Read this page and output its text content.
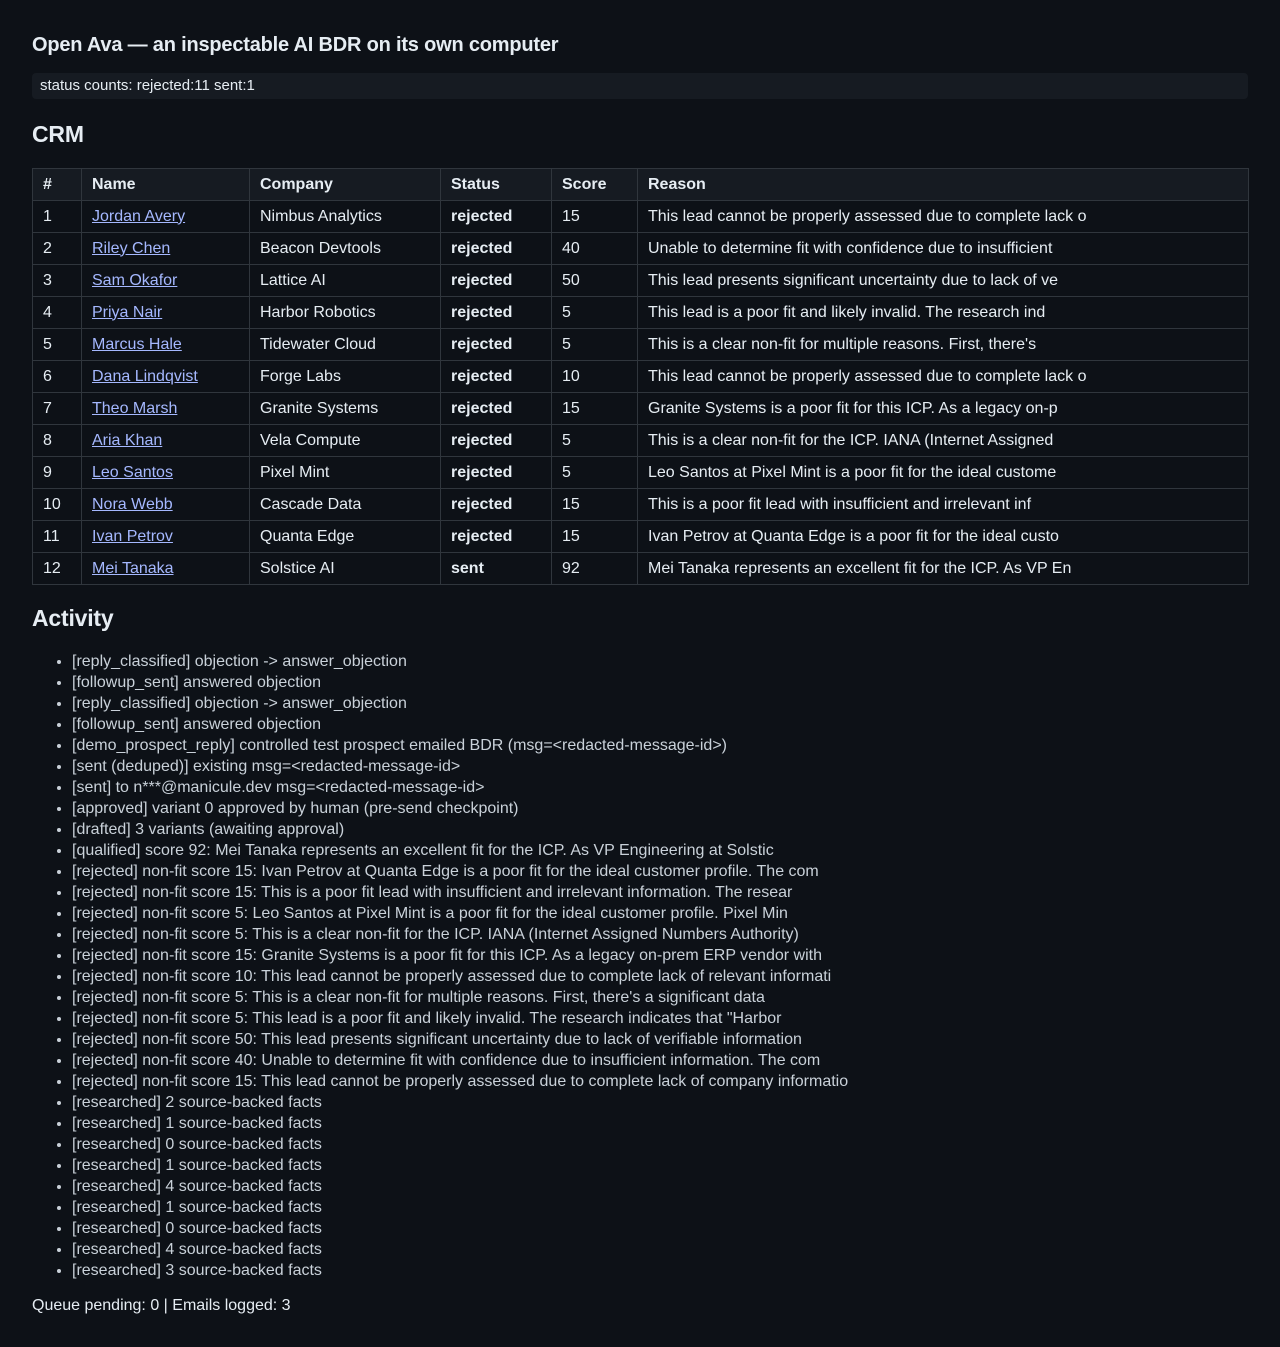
Open Ava — an inspectable AI BDR on its own computer
status counts: rejected:11 sent:1
CRM
#	Name	Company	Status	Score	Reason
1	Jordan Avery	Nimbus Analytics	rejected	15	This lead cannot be properly assessed due to complete lack o
2	Riley Chen	Beacon Devtools	rejected	40	Unable to determine fit with confidence due to insufficient
3	Sam Okafor	Lattice AI	rejected	50	This lead presents significant uncertainty due to lack of ve
4	Priya Nair	Harbor Robotics	rejected	5	This lead is a poor fit and likely invalid. The research ind
5	Marcus Hale	Tidewater Cloud	rejected	5	This is a clear non-fit for multiple reasons. First, there's
6	Dana Lindqvist	Forge Labs	rejected	10	This lead cannot be properly assessed due to complete lack o
7	Theo Marsh	Granite Systems	rejected	15	Granite Systems is a poor fit for this ICP. As a legacy on-p
8	Aria Khan	Vela Compute	rejected	5	This is a clear non-fit for the ICP. IANA (Internet Assigned
9	Leo Santos	Pixel Mint	rejected	5	Leo Santos at Pixel Mint is a poor fit for the ideal custome
10	Nora Webb	Cascade Data	rejected	15	This is a poor fit lead with insufficient and irrelevant inf
11	Ivan Petrov	Quanta Edge	rejected	15	Ivan Petrov at Quanta Edge is a poor fit for the ideal custo
12	Mei Tanaka	Solstice AI	sent	92	Mei Tanaka represents an excellent fit for the ICP. As VP En
Activity
• [reply_classified] objection -> answer_objection
• [followup_sent] answered objection
• [reply_classified] objection -> answer_objection
• [followup_sent] answered objection
• [demo_prospect_reply] controlled test prospect emailed BDR (msg=<redacted-message-id>)
• [sent (deduped)] existing msg=<redacted-message-id>
• [sent] to n***@manicule.dev msg=<redacted-message-id>
• [approved] variant 0 approved by human (pre-send checkpoint)
• [drafted] 3 variants (awaiting approval)
• [qualified] score 92: Mei Tanaka represents an excellent fit for the ICP. As VP Engineering at Solstic
• [rejected] non-fit score 15: Ivan Petrov at Quanta Edge is a poor fit for the ideal customer profile. The com
• [rejected] non-fit score 15: This is a poor fit lead with insufficient and irrelevant information. The resear
• [rejected] non-fit score 5: Leo Santos at Pixel Mint is a poor fit for the ideal customer profile. Pixel Min
• [rejected] non-fit score 5: This is a clear non-fit for the ICP. IANA (Internet Assigned Numbers Authority)
• [rejected] non-fit score 15: Granite Systems is a poor fit for this ICP. As a legacy on-prem ERP vendor with
• [rejected] non-fit score 10: This lead cannot be properly assessed due to complete lack of relevant informati
• [rejected] non-fit score 5: This is a clear non-fit for multiple reasons. First, there's a significant data
• [rejected] non-fit score 5: This lead is a poor fit and likely invalid. The research indicates that "Harbor
• [rejected] non-fit score 50: This lead presents significant uncertainty due to lack of verifiable information
• [rejected] non-fit score 40: Unable to determine fit with confidence due to insufficient information. The com
• [rejected] non-fit score 15: This lead cannot be properly assessed due to complete lack of company informatio
• [researched] 2 source-backed facts
• [researched] 1 source-backed facts
• [researched] 0 source-backed facts
• [researched] 1 source-backed facts
• [researched] 4 source-backed facts
• [researched] 1 source-backed facts
• [researched] 0 source-backed facts
• [researched] 4 source-backed facts
• [researched] 3 source-backed facts
Queue pending: 0 | Emails logged: 3
